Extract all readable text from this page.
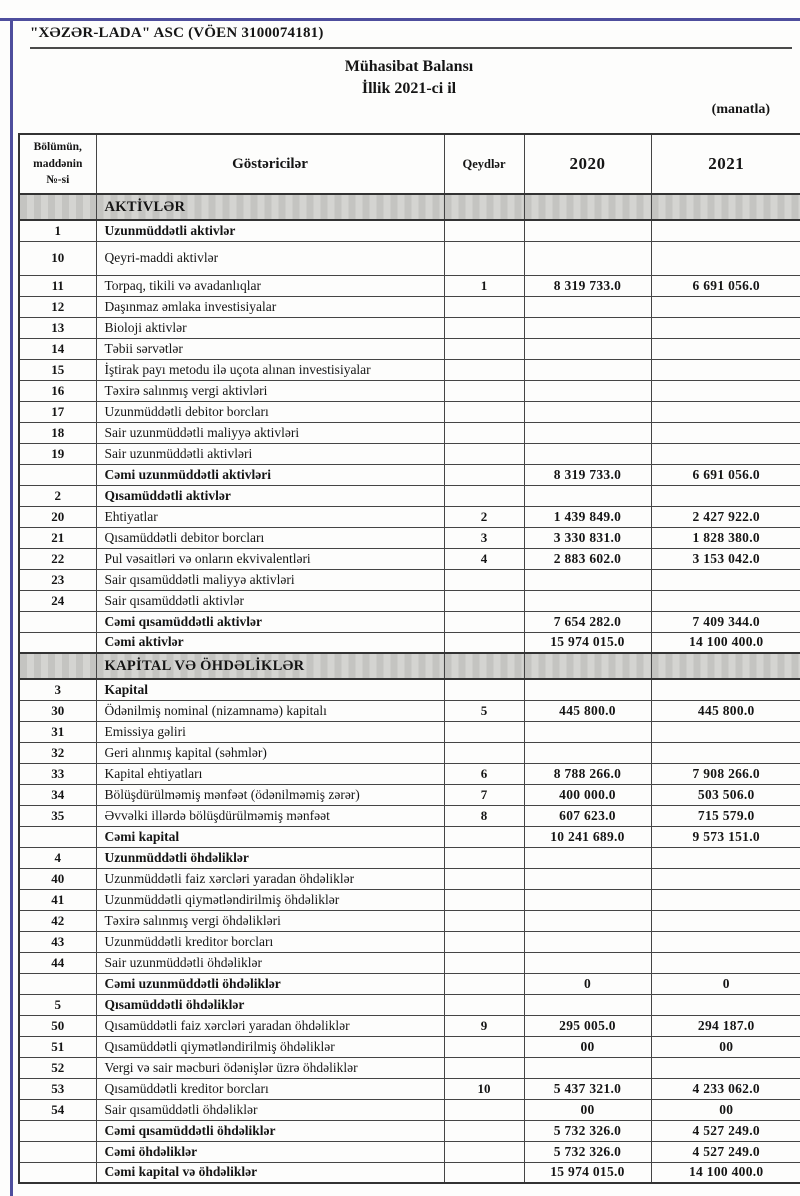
"XƏZƏR-LADA" ASC (VÖEN 3100074181)
Mühasibat Balansı
İllik 2021-ci il
(manatla)
Bölümün,
maddənin
№-si	Göstəricilər	Qeydlər	2020	2021
	AKTİVLƏR			
1	Uzunmüddətli aktivlər			
10	Qeyri-maddi aktivlər			
11	Torpaq, tikili və avadanlıqlar	1	8 319 733.0	6 691 056.0
12	Daşınmaz əmlaka investisiyalar			
13	Bioloji aktivlər			
14	Təbii sərvətlər			
15	İştirak payı metodu ilə uçota alınan investisiyalar			
16	Təxirə salınmış vergi aktivləri			
17	Uzunmüddətli debitor borcları			
18	Sair uzunmüddətli maliyyə aktivləri			
19	Sair uzunmüddətli aktivləri			
	Cəmi uzunmüddətli aktivləri		8 319 733.0	6 691 056.0
2	Qısamüddətli aktivlər			
20	Ehtiyatlar	2	1 439 849.0	2 427 922.0
21	Qısamüddətli debitor borcları	3	3 330 831.0	1 828 380.0
22	Pul vəsaitləri və onların ekvivalentləri	4	2 883 602.0	3 153 042.0
23	Sair qısamüddətli maliyyə aktivləri			
24	Sair qısamüddətli aktivlər			
	Cəmi qısamüddətli aktivlər		7 654 282.0	7 409 344.0
	Cəmi aktivlər		15 974 015.0	14 100 400.0
	KAPİTAL VƏ ÖHDƏLİKLƏR			
3	Kapital			
30	Ödənilmiş nominal (nizamnamə) kapitalı	5	445 800.0	445 800.0
31	Emissiya gəliri			
32	Geri alınmış kapital (səhmlər)			
33	Kapital ehtiyatları	6	8 788 266.0	7 908 266.0
34	Bölüşdürülməmiş mənfəət (ödənilməmiş zərər)	7	400 000.0	503 506.0
35	Əvvəlki illərdə bölüşdürülməmiş mənfəət	8	607 623.0	715 579.0
	Cəmi kapital		10 241 689.0	9 573 151.0
4	Uzunmüddətli öhdəliklər			
40	Uzunmüddətli faiz xərcləri yaradan öhdəliklər			
41	Uzunmüddətli qiymətləndirilmiş öhdəliklər			
42	Təxirə salınmış vergi öhdəlikləri			
43	Uzunmüddətli kreditor borcları			
44	Sair uzunmüddətli öhdəliklər			
	Cəmi uzunmüddətli öhdəliklər		0	0
5	Qısamüddətli öhdəliklər			
50	Qısamüddətli faiz xərcləri yaradan öhdəliklər	9	295 005.0	294 187.0
51	Qısamüddətli qiymətləndirilmiş öhdəliklər		00	00
52	Vergi və sair məcburi ödənişlər üzrə öhdəliklər			
53	Qısamüddətli kreditor borcları	10	5 437 321.0	4 233 062.0
54	Sair qısamüddətli öhdəliklər		00	00
	Cəmi qısamüddətli öhdəliklər		5 732 326.0	4 527 249.0
	Cəmi öhdəliklər		5 732 326.0	4 527 249.0
	Cəmi kapital və öhdəliklər		15 974 015.0	14 100 400.0
